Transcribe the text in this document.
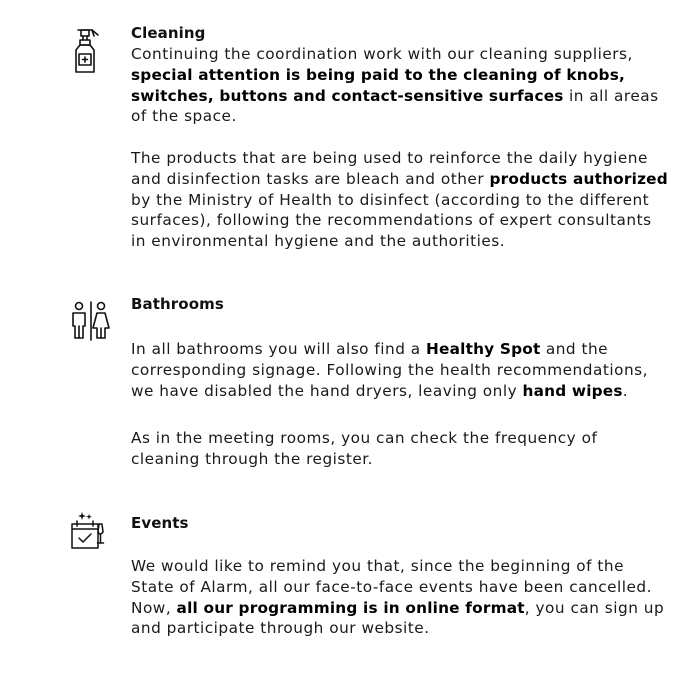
Cleaning

Continuing the coordination work with our cleaning suppliers, special attention is being paid to the cleaning of knobs, switches, buttons and contact-sensitive surfaces in all areas of the space.

The products that are being used to reinforce the daily hygiene and disinfection tasks are bleach and other products authorized by the Ministry of Health to disinfect (according to the different surfaces), following the recommendations of expert consultants in environmental hygiene and the authorities.

Bathrooms

In all bathrooms you will also find a Healthy Spot and the corresponding signage. Following the health recommendations, we have disabled the hand dryers, leaving only hand wipes.

As in the meeting rooms, you can check the frequency of cleaning through the register.

Events

We would like to remind you that, since the beginning of the State of Alarm, all our face-to-face events have been cancelled. Now, all our programming is in online format, you can sign up and participate through our website.
